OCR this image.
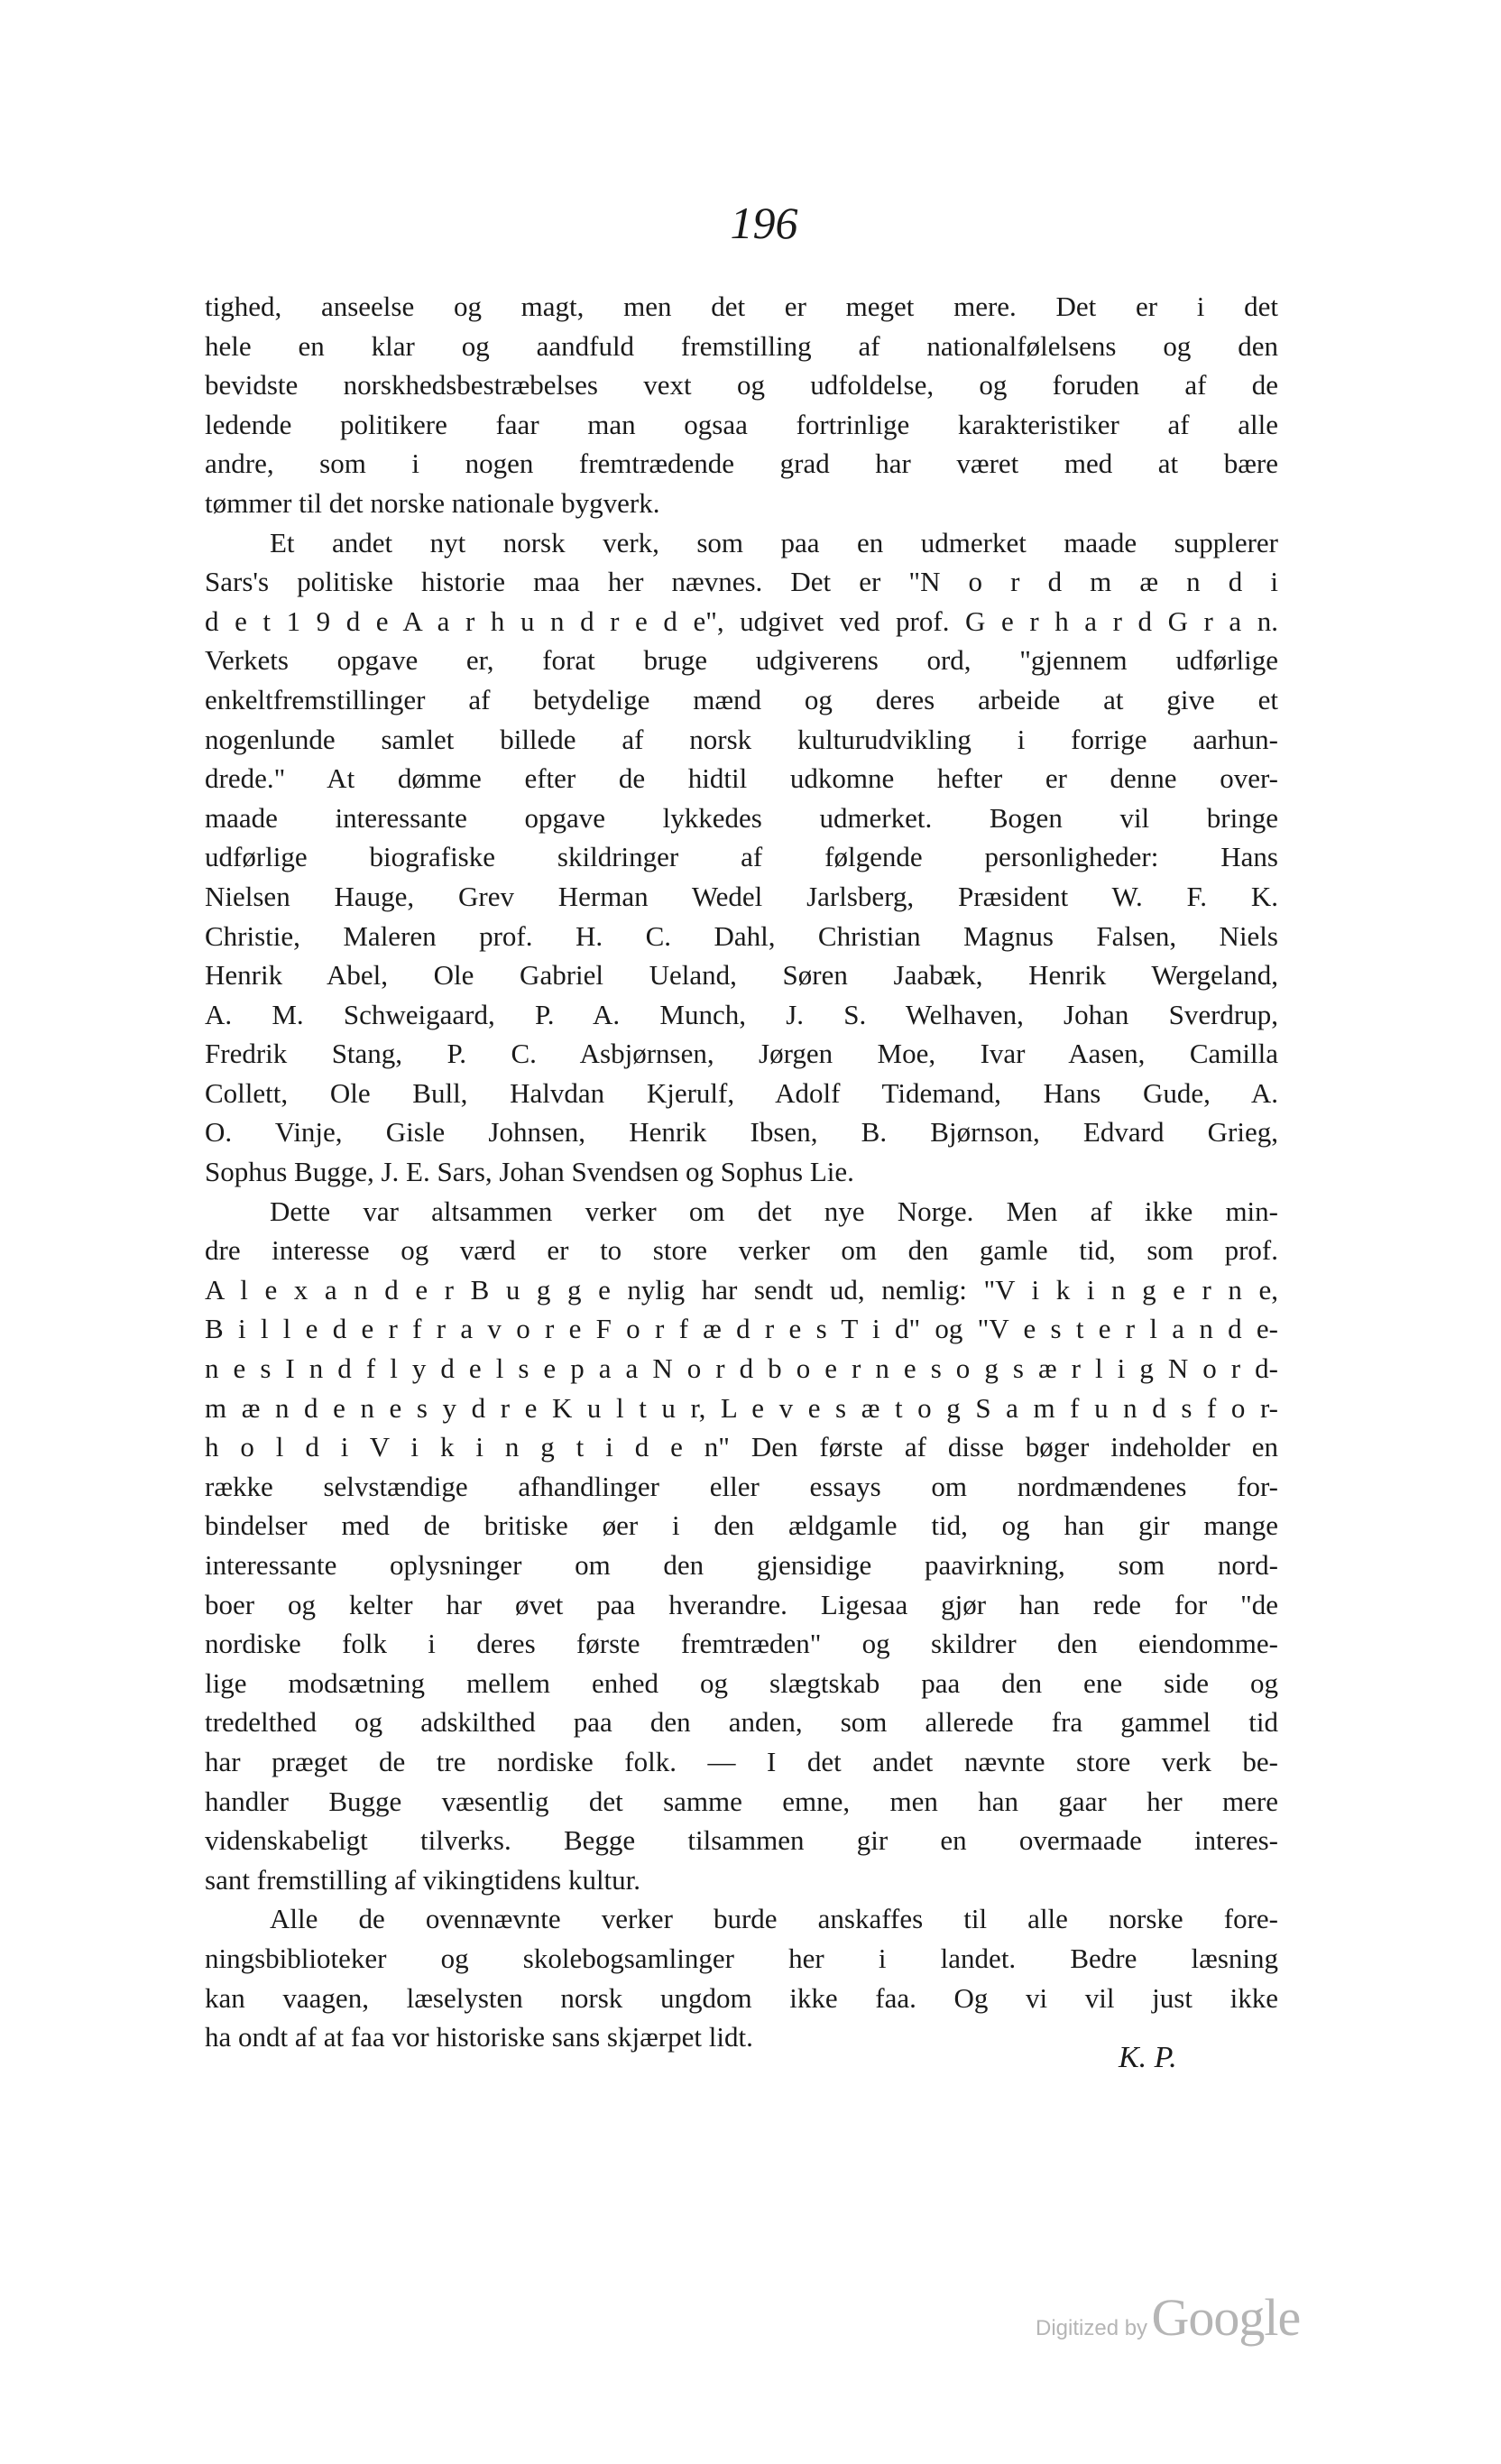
196
tighed, anseelse og magt, men det er meget mere. Det er i det
hele en klar og aandfuld fremstilling af nationalfølelsens og den
bevidste norskhedsbestræbelses vext og udfoldelse, og foruden af de
ledende politikere faar man ogsaa fortrinlige karakteristiker af alle
andre, som i nogen fremtrædende grad har været med at bære
tømmer til det norske nationale bygverk.
Et andet nyt norsk verk, som paa en udmerket maade supplerer
Sars's politiske historie maa her nævnes. Det er "N o r d m æ n d i
d e t 1 9 d e A a r h u n d r e d e", udgivet ved prof. G e r h a r d G r a n.
Verkets opgave er, forat bruge udgiverens ord, "gjennem udførlige
enkeltfremstillinger af betydelige mænd og deres arbeide at give et
nogenlunde samlet billede af norsk kulturudvikling i forrige aarhun-
drede." At dømme efter de hidtil udkomne hefter er denne over-
maade interessante opgave lykkedes udmerket. Bogen vil bringe
udførlige biografiske skildringer af følgende personligheder: Hans
Nielsen Hauge, Grev Herman Wedel Jarlsberg, Præsident W. F. K.
Christie, Maleren prof. H. C. Dahl, Christian Magnus Falsen, Niels
Henrik Abel, Ole Gabriel Ueland, Søren Jaabæk, Henrik Wergeland,
A. M. Schweigaard, P. A. Munch, J. S. Welhaven, Johan Sverdrup,
Fredrik Stang, P. C. Asbjørnsen, Jørgen Moe, Ivar Aasen, Camilla
Collett, Ole Bull, Halvdan Kjerulf, Adolf Tidemand, Hans Gude, A.
O. Vinje, Gisle Johnsen, Henrik Ibsen, B. Bjørnson, Edvard Grieg,
Sophus Bugge, J. E. Sars, Johan Svendsen og Sophus Lie.
Dette var altsammen verker om det nye Norge. Men af ikke min-
dre interesse og værd er to store verker om den gamle tid, som prof.
A l e x a n d e r B u g g e nylig har sendt ud, nemlig: "V i k i n g e r n e,
B i l l e d e r f r a v o r e F o r f æ d r e s T i d" og "V e s t e r l a n d e-
n e s I n d f l y d e l s e p a a N o r d b o e r n e s o g s æ r l i g N o r d-
m æ n d e n e s y d r e K u l t u r, L e v e s æ t o g S a m f u n d s f o r-
h o l d i V i k i n g t i d e n" Den første af disse bøger indeholder en
række selvstændige afhandlinger eller essays om nordmændenes for-
bindelser med de britiske øer i den ældgamle tid, og han gir mange
interessante oplysninger om den gjensidige paavirkning, som nord-
boer og kelter har øvet paa hverandre. Ligesaa gjør han rede for "de
nordiske folk i deres første fremtræden" og skildrer den eiendomme-
lige modsætning mellem enhed og slægtskab paa den ene side og
tredelthed og adskilthed paa den anden, som allerede fra gammel tid
har præget de tre nordiske folk. — I det andet nævnte store verk be-
handler Bugge væsentlig det samme emne, men han gaar her mere
videnskabeligt tilverks. Begge tilsammen gir en overmaade interes-
sant fremstilling af vikingtidens kultur.
Alle de ovennævnte verker burde anskaffes til alle norske fore-
ningsbiblioteker og skolebogsamlinger her i landet. Bedre læsning
kan vaagen, læselysten norsk ungdom ikke faa. Og vi vil just ikke
ha ondt af at faa vor historiske sans skjærpet lidt.
K. P.
Digitized by Google
